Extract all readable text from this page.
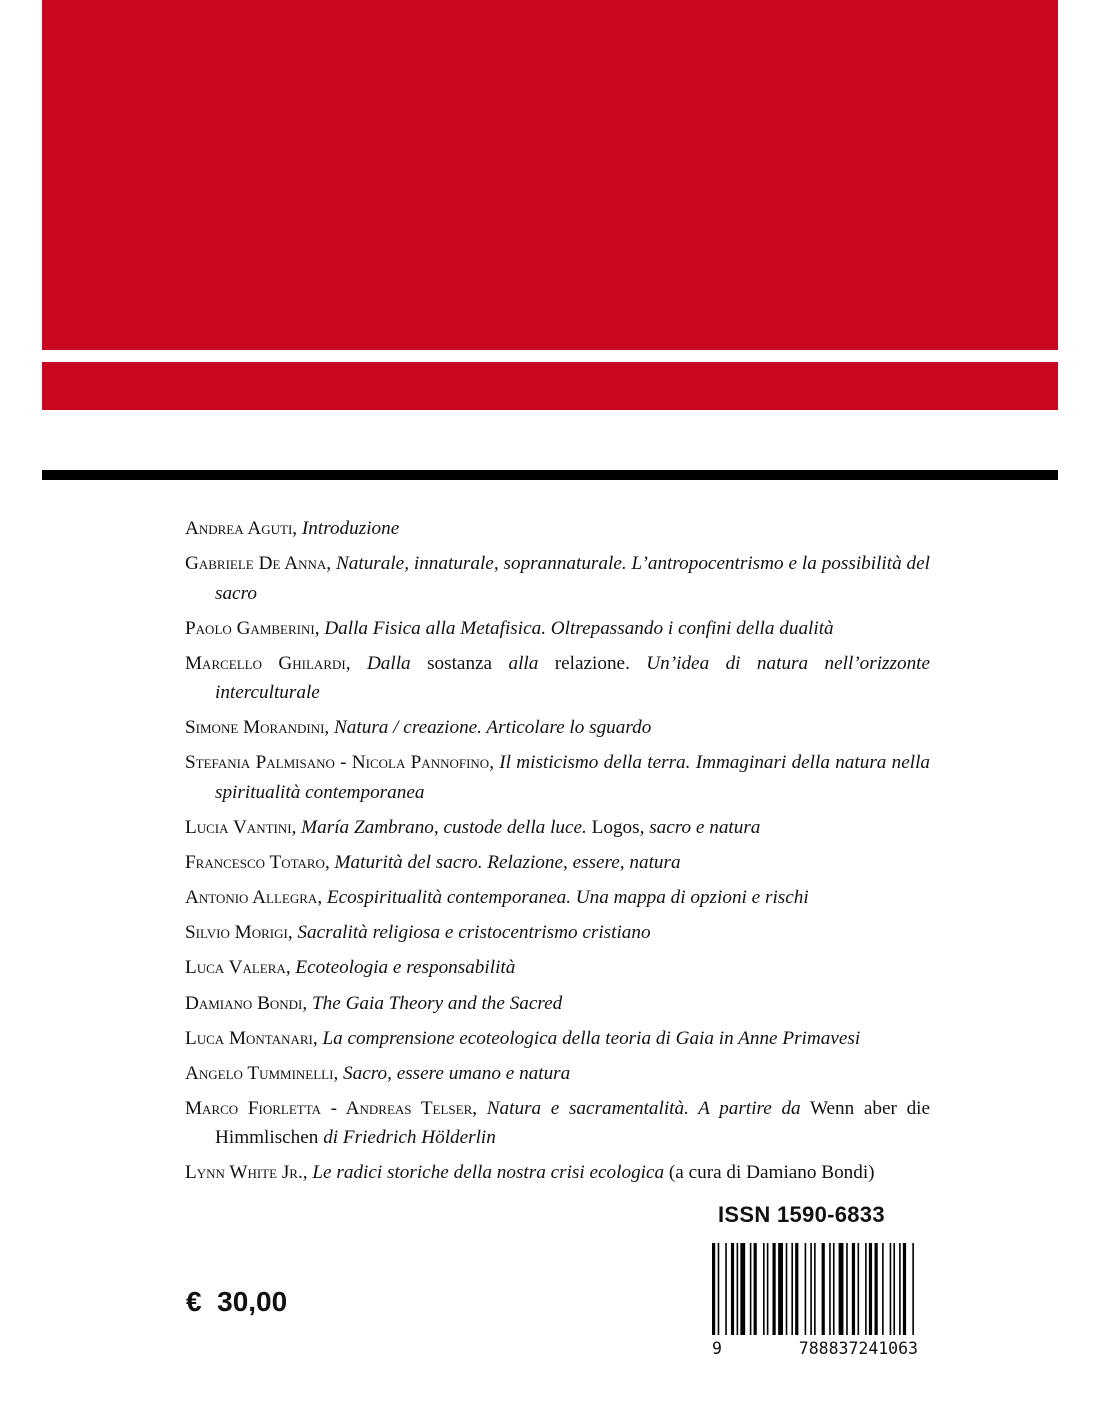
Andrea Aguti, Introduzione

Gabriele De Anna, Naturale, innaturale, soprannaturale. L’antropocentrismo e la possibilità del sacro

Paolo Gamberini, Dalla Fisica alla Metafisica. Oltrepassando i confini della dualità

Marcello Ghilardi, Dalla sostanza alla relazione. Un’idea di natura nell’orizzonte interculturale

Simone Morandini, Natura / creazione. Articolare lo sguardo

Stefania Palmisano - Nicola Pannofino, Il misticismo della terra. Immaginari della natura nella spiritualità contemporanea

Lucia Vantini, María Zambrano, custode della luce. Logos, sacro e natura

Francesco Totaro, Maturità del sacro. Relazione, essere, natura

Antonio Allegra, Ecospiritualità contemporanea. Una mappa di opzioni e rischi

Silvio Morigi, Sacralità religiosa e cristocentrismo cristiano

Luca Valera, Ecoteologia e responsabilità

Damiano Bondi, The Gaia Theory and the Sacred

Luca Montanari, La comprensione ecoteologica della teoria di Gaia in Anne Primavesi

Angelo Tumminelli, Sacro, essere umano e natura

Marco Fiorletta - Andreas Telser, Natura e sacramentalità. A partire da Wenn aber die Himmlischen di Friedrich Hölderlin

Lynn White Jr., Le radici storiche della nostra crisi ecologica (a cura di Damiano Bondi)

ISSN 1590-6833
9	788837241063
€  30,00
